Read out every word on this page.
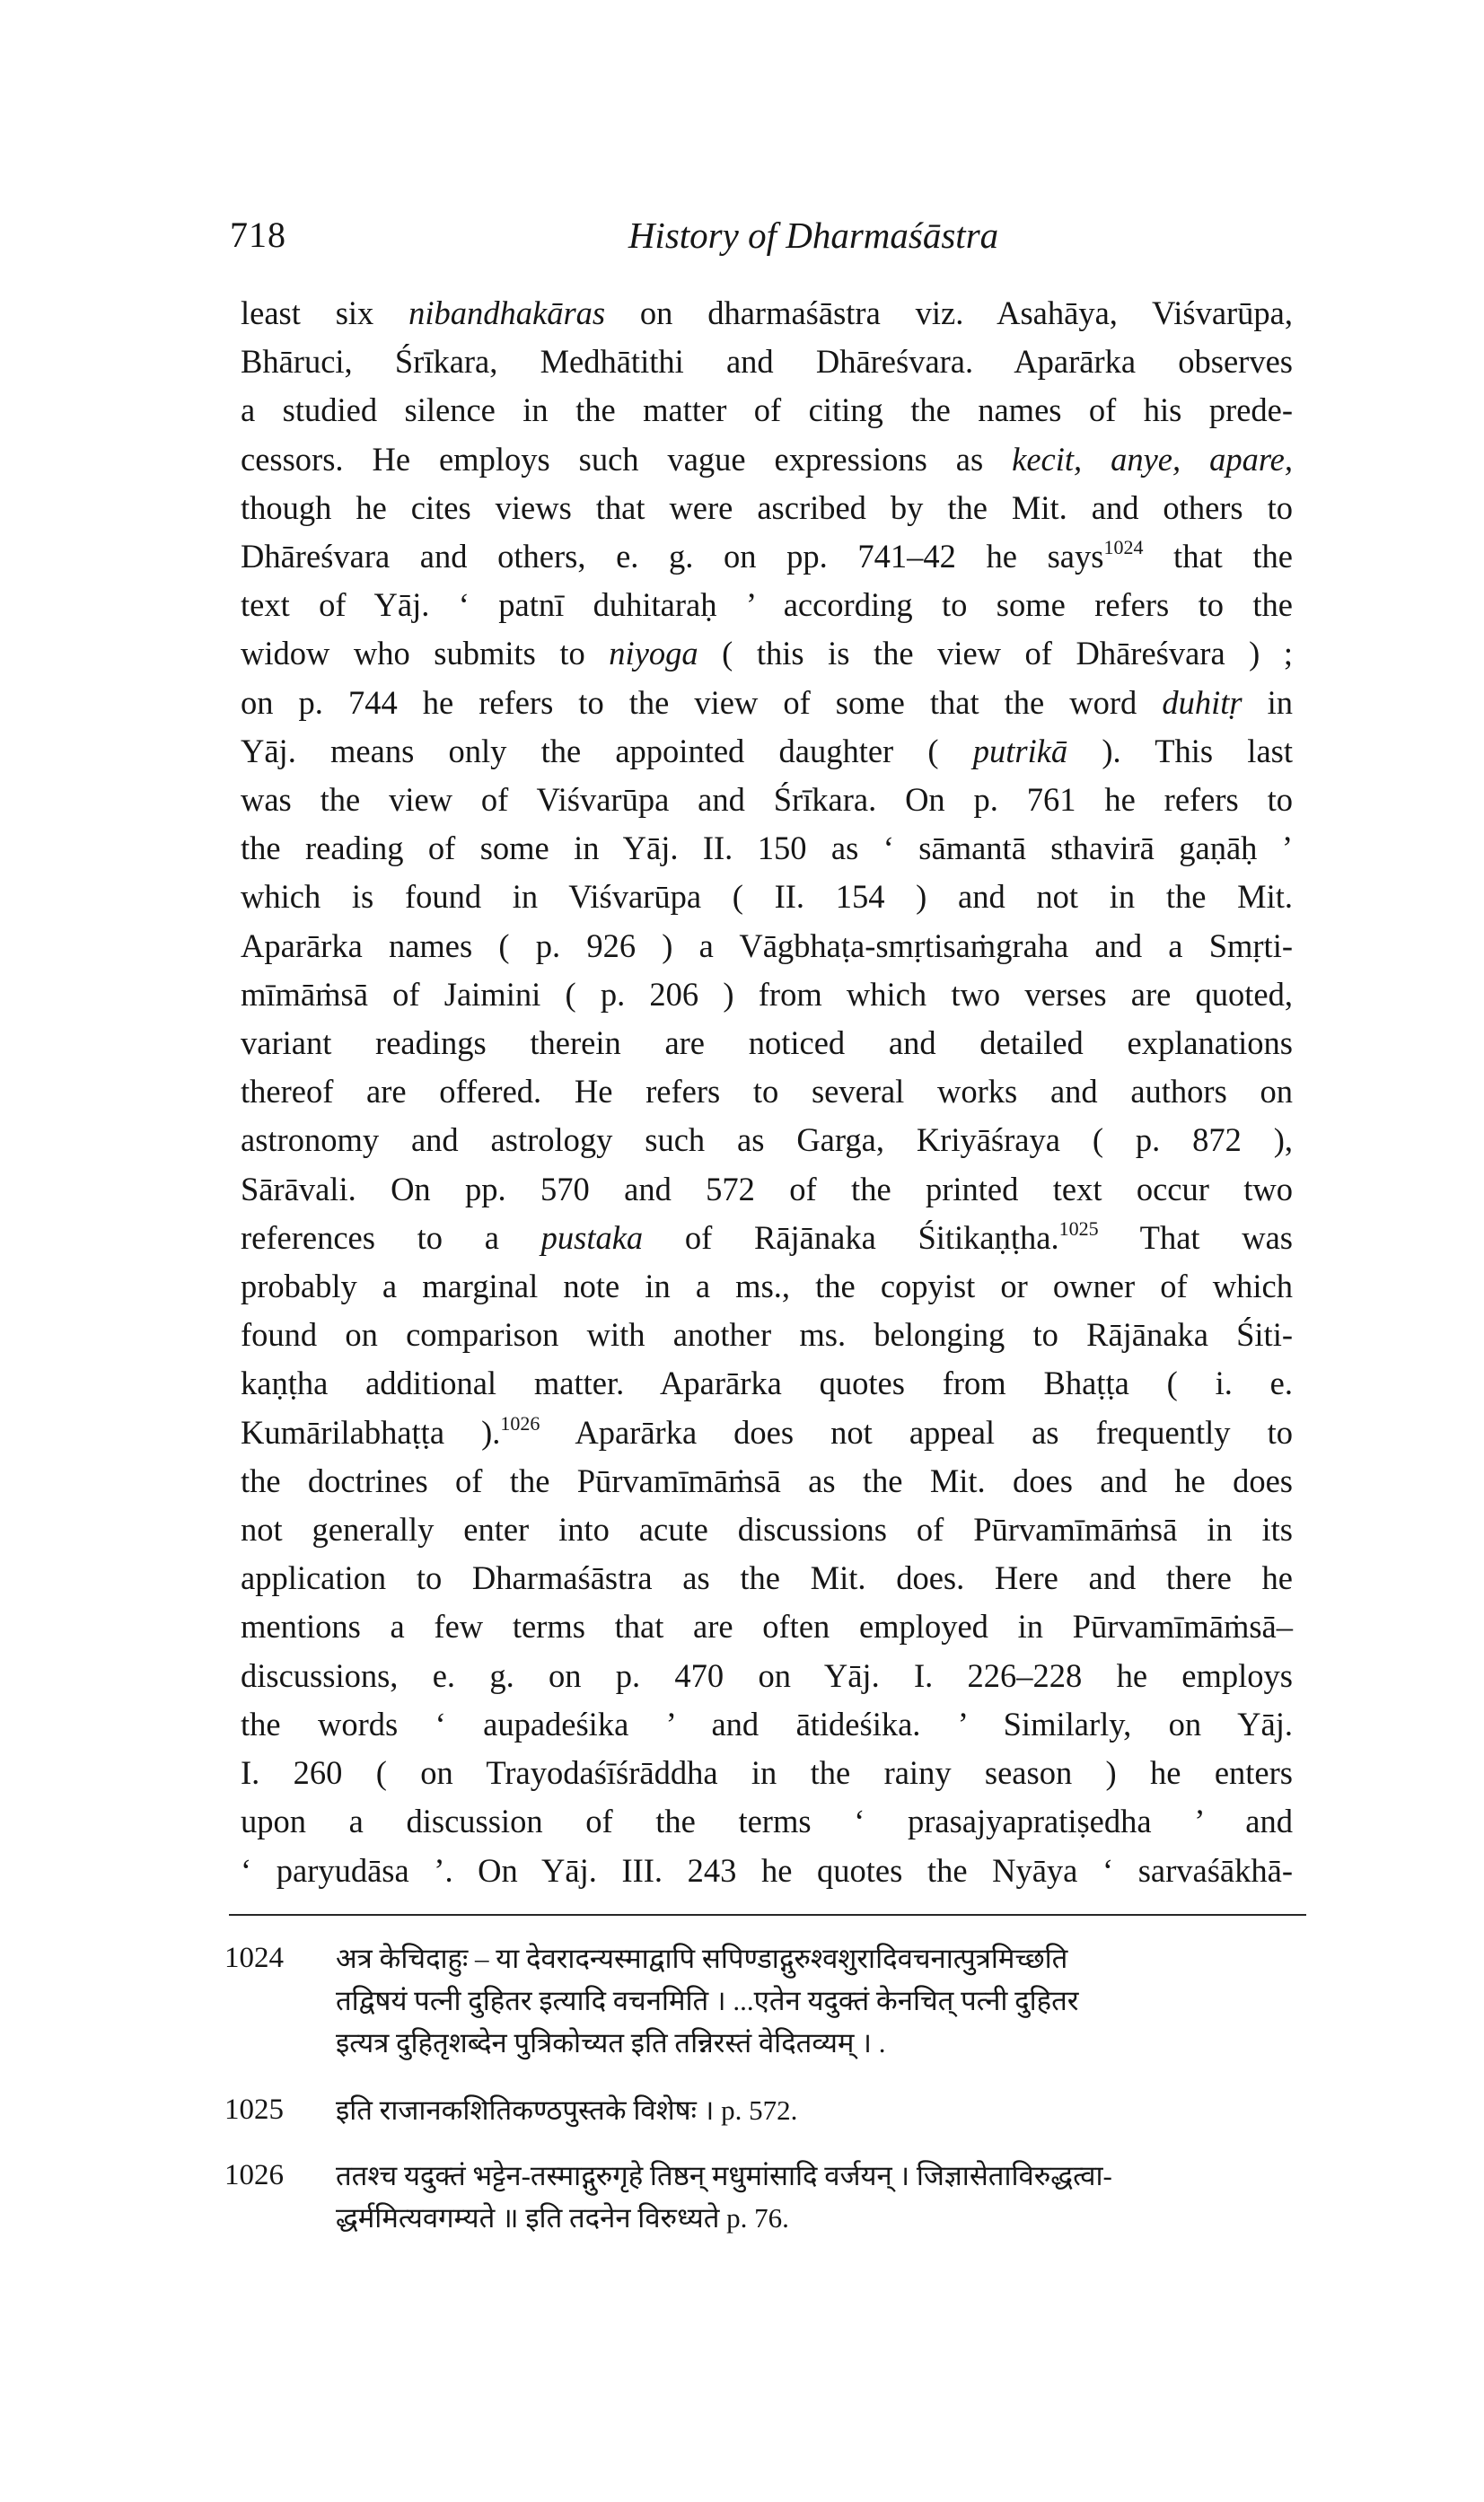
718	History of Dharmaśāstra
least six nibandhakāras on dharmaśāstra viz. Asahāya, Viśvarūpa,
Bhāruci, Śrīkara, Medhātithi and Dhāreśvara. Aparārka observes
a studied silence in the matter of citing the names of his prede-
cessors. He employs such vague expressions as kecit, anye, apare,
though he cites views that were ascribed by the Mit. and others to
Dhāreśvara and others, e. g. on pp. 741–42 he says$^{1024}$ that the
text of Yāj. ‘ patnī duhitaraḥ ’ according to some refers to the
widow who submits to niyoga ( this is the view of Dhāreśvara ) ;
on p. 744 he refers to the view of some that the word duhitṛ in
Yāj. means only the appointed daughter ( putrikā ). This last
was the view of Viśvarūpa and Śrīkara. On p. 761 he refers to
the reading of some in Yāj. II. 150 as ‘ sāmantā sthavirā gaṇāḥ ’
which is found in Viśvarūpa ( II. 154 ) and not in the Mit.
Aparārka names ( p. 926 ) a Vāgbhaṭa-smṛtisaṁgraha and a Smṛti-
mīmāṁsā of Jaimini ( p. 206 ) from which two verses are quoted,
variant readings therein are noticed and detailed explanations
thereof are offered. He refers to several works and authors on
astronomy and astrology such as Garga, Kriyāśraya ( p. 872 ),
Sārāvali. On pp. 570 and 572 of the printed text occur two
references to a pustaka of Rājānaka Śitikaṇṭha.$^{1025}$ That was
probably a marginal note in a ms., the copyist or owner of which
found on comparison with another ms. belonging to Rājānaka Śiti-
kaṇṭha additional matter. Aparārka quotes from Bhaṭṭa ( i. e.
Kumārilabhaṭṭa ).$^{1026}$ Aparārka does not appeal as frequently to
the doctrines of the Pūrvamīmāṁsā as the Mit. does and he does
not generally enter into acute discussions of Pūrvamīmāṁsā in its
application to Dharmaśāstra as the Mit. does. Here and there he
mentions a few terms that are often employed in Pūrvamīmāṁsā–
discussions, e. g. on p. 470 on Yāj. I. 226–228 he employs
the words ‘ aupadeśika ’ and ātideśika. ’ Similarly, on Yāj.
I. 260 ( on Trayodaśīśrāddha in the rainy season ) he enters
upon a discussion of the terms ‘ prasajyapratiṣedha ’ and
‘ paryudāsa ’. On Yāj. III. 243 he quotes the Nyāya ‘ sarvaśākhā-
1024 अत्र केचिदाहुः – या देवरादन्यस्माद्वापि सपिण्डाद्गुरुश्वशुरादिवचनात्पुत्रमिच्छति
तद्विषयं पत्नी दुहितर इत्यादि वचनमिति । ...एतेन यदुक्तं केनचित् पत्नी दुहितर
इत्यत्र दुहितृशब्देन पुत्रिकोच्यत इति तन्निरस्तं वेदितव्यम् । .
1025 इति राजानकशितिकण्ठपुस्तके विशेषः । p. 572.
1026 ततश्च यदुक्तं भट्टेन-तस्माद्गुरुगृहे तिष्ठन् मधुमांसादि वर्जयन् । जिज्ञासेताविरुद्धत्वा-
द्धर्ममित्यवगम्यते ॥ इति तदनेन विरुध्यते p. 76.
